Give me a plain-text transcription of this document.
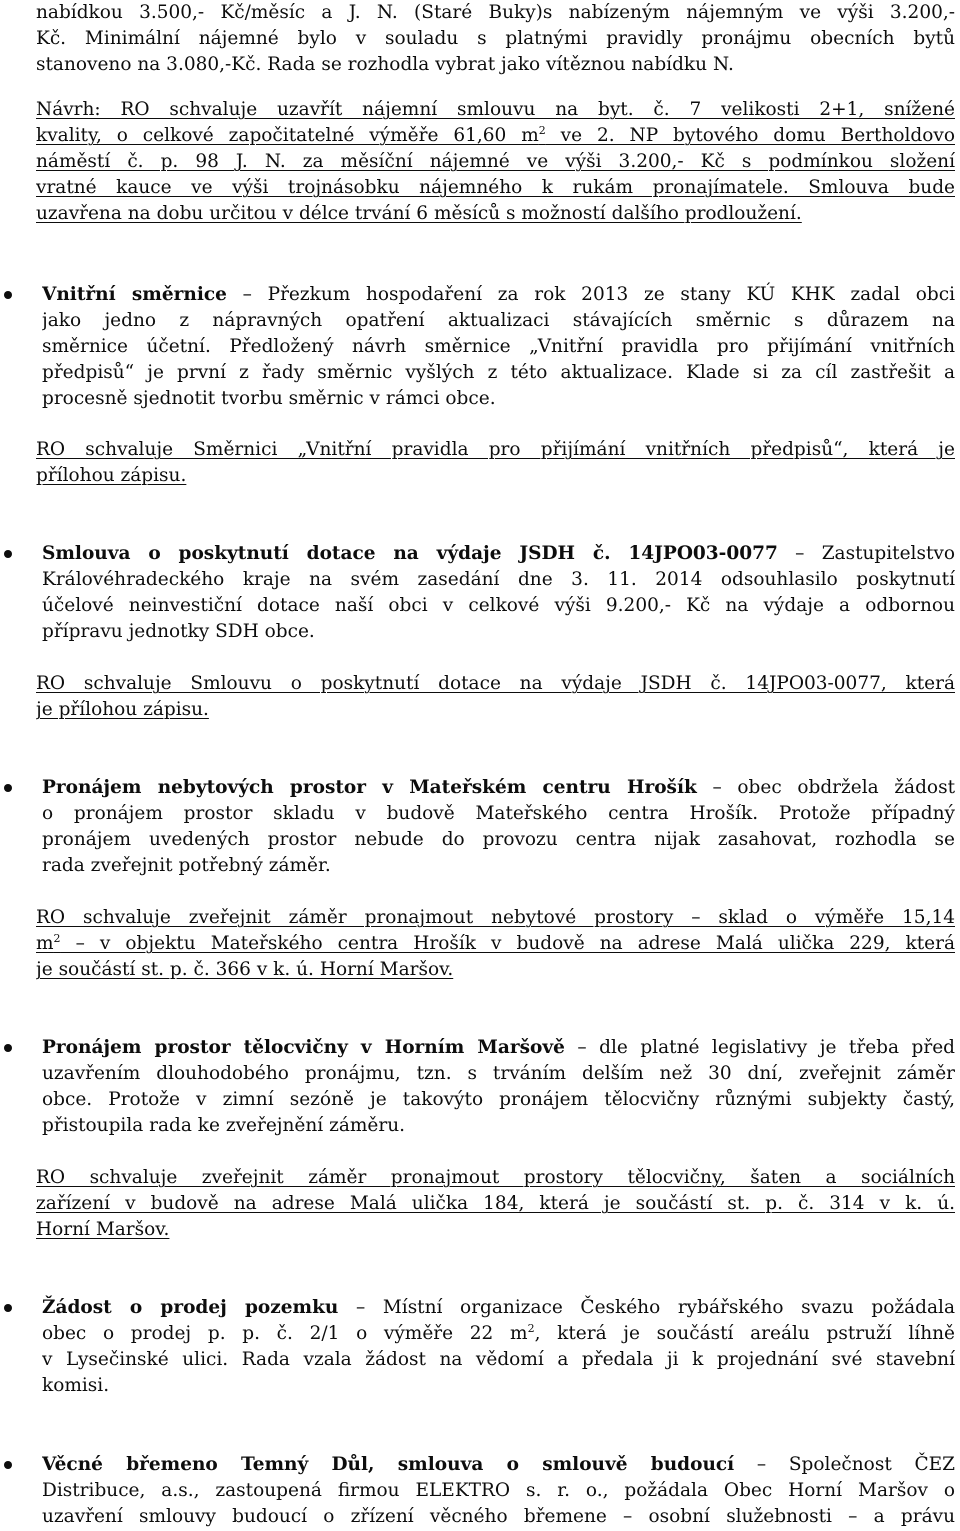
nabídkou 3.500,- Kč/měsíc a J. N. (Staré Buky)s nabízeným nájemným ve výši 3.200,-
Kč. Minimální nájemné bylo v souladu s platnými pravidly pronájmu obecních bytů
stanoveno na 3.080,-Kč. Rada se rozhodla vybrat jako vítěznou nabídku N.
Návrh: RO schvaluje uzavřít nájemní smlouvu na byt. č. 7 velikosti 2+1, snížené
kvality, o celkové započitatelné výměře 61,60 $m^2$ ve 2. NP bytového domu Bertholdovo
náměstí č. p. 98 J. N. za měsíční nájemné ve výši 3.200,- Kč s podmínkou složení
vratné kauce ve výši trojnásobku nájemného k rukám pronajímatele. Smlouva bude
uzavřena na dobu určitou v délce trvání 6 měsíců s možností dalšího prodloužení.
Vnitřní směrnice – Přezkum hospodaření za rok 2013 ze stany KÚ KHK zadal obci
jako jedno z nápravných opatření aktualizaci stávajících směrnic s důrazem na
směrnice účetní. Předložený návrh směrnice „Vnitřní pravidla pro přijímání vnitřních
předpisů“ je první z řady směrnic vyšlých z této aktualizace. Klade si za cíl zastřešit a
procesně sjednotit tvorbu směrnic v rámci obce.
RO schvaluje Směrnici „Vnitřní pravidla pro přijímání vnitřních předpisů“, která je
přílohou zápisu.
Smlouva o poskytnutí dotace na výdaje JSDH č. 14JPO03-0077 – Zastupitelstvo
Královéhradeckého kraje na svém zasedání dne 3. 11. 2014 odsouhlasilo poskytnutí
účelové neinvestiční dotace naší obci v celkové výši 9.200,- Kč na výdaje a odbornou
přípravu jednotky SDH obce.
RO schvaluje Smlouvu o poskytnutí dotace na výdaje JSDH č. 14JPO03-0077, která
je přílohou zápisu.
Pronájem nebytových prostor v Mateřském centru Hrošík – obec obdržela žádost
o pronájem prostor skladu v budově Mateřského centra Hrošík. Protože případný
pronájem uvedených prostor nebude do provozu centra nijak zasahovat, rozhodla se
rada zveřejnit potřebný záměr.
RO schvaluje zveřejnit záměr pronajmout nebytové prostory – sklad o výměře 15,14
$m^2$ – v objektu Mateřského centra Hrošík v budově na adrese Malá ulička 229, která
je součástí st. p. č. 366 v k. ú. Horní Maršov.
Pronájem prostor tělocvičny v Horním Maršově – dle platné legislativy je třeba před
uzavřením dlouhodobého pronájmu, tzn. s trváním delším než 30 dní, zveřejnit záměr
obce. Protože v zimní sezóně je takovýto pronájem tělocvičny různými subjekty častý,
přistoupila rada ke zveřejnění záměru.
RO schvaluje zveřejnit záměr pronajmout prostory tělocvičny, šaten a sociálních
zařízení v budově na adrese Malá ulička 184, která je součástí st. p. č. 314 v k. ú.
Horní Maršov.
Žádost o prodej pozemku – Místní organizace Českého rybářského svazu požádala
obec o prodej p. p. č. 2/1 o výměře 22 $m^2$, která je součástí areálu pstruží líhně
v Lysečinské ulici. Rada vzala žádost na vědomí a předala ji k projednání své stavební
komisi.
Věcné břemeno Temný Důl, smlouva o smlouvě budoucí – Společnost ČEZ
Distribuce, a.s., zastoupená firmou ELEKTRO s. r. o., požádala Obec Horní Maršov o
uzavření smlouvy budoucí o zřízení věcného břemene – osobní služebnosti – a právu
